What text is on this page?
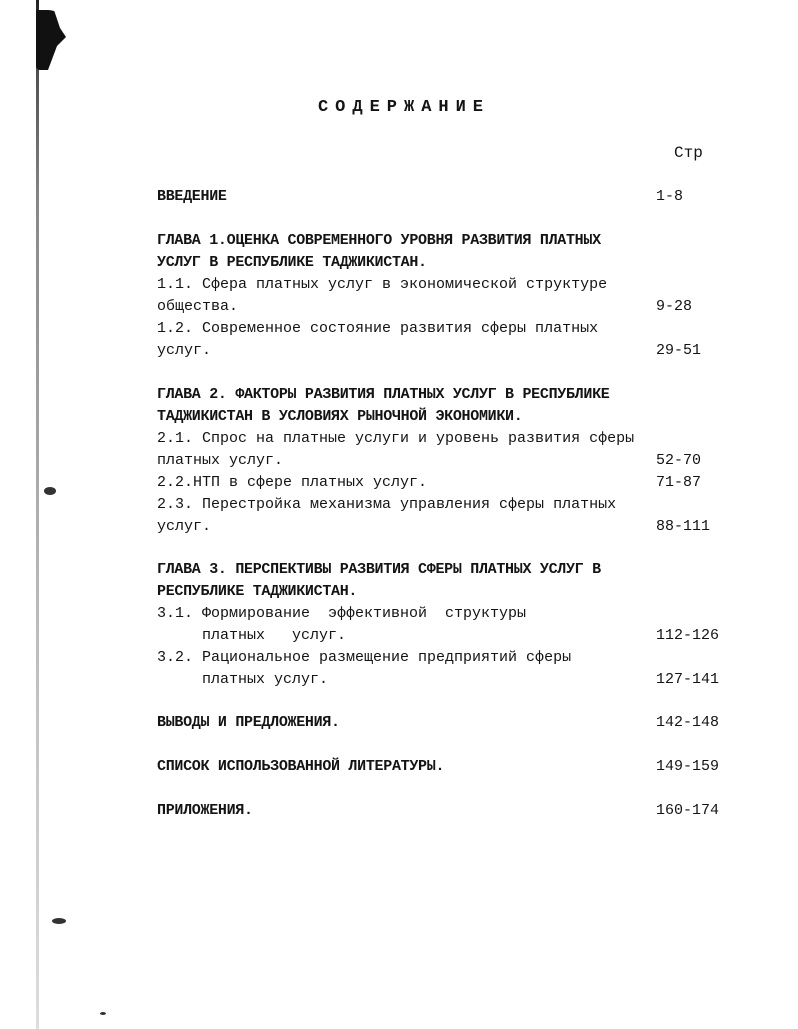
СОДЕРЖАНИЕ
Стр
ВВЕДЕНИЕ	1-8
ГЛАВА 1.ОЦЕНКА СОВРЕМЕННОГО УРОВНЯ РАЗВИТИЯ ПЛАТНЫХ
УСЛУГ В РЕСПУБЛИКЕ ТАДЖИКИСТАН.
1.1. Сфера платных услуг в экономической структуре
общества.	9-28
1.2. Современное состояние развития сферы платных
услуг.	29-51
ГЛАВА 2. ФАКТОРЫ РАЗВИТИЯ ПЛАТНЫХ УСЛУГ В РЕСПУБЛИКЕ
ТАДЖИКИСТАН В УСЛОВИЯХ РЫНОЧНОЙ ЭКОНОМИКИ.
2.1. Спрос на платные услуги и уровень развития сферы
платных услуг.	52-70
2.2.НТП в сфере платных услуг.	71-87
2.3. Перестройка механизма управления сферы платных
услуг.	88-111
ГЛАВА 3. ПЕРСПЕКТИВЫ РАЗВИТИЯ СФЕРЫ ПЛАТНЫХ УСЛУГ В
РЕСПУБЛИКЕ ТАДЖИКИСТАН.
3.1. Формирование  эффективной  структуры
платных   услуг.	112-126
3.2. Рациональное размещение предприятий сферы
платных услуг.	127-141
ВЫВОДЫ И ПРЕДЛОЖЕНИЯ.	142-148
СПИСОК ИСПОЛЬЗОВАННОЙ ЛИТЕРАТУРЫ.	149-159
ПРИЛОЖЕНИЯ.	160-174
